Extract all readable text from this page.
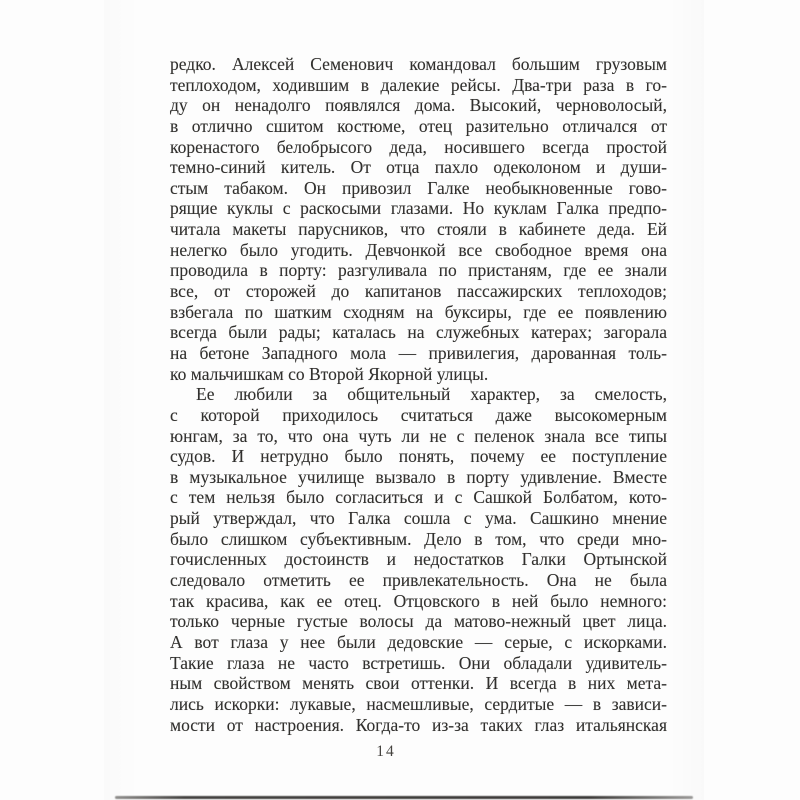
редко. Алексей Семенович командовал большим грузовым
теплоходом, ходившим в далекие рейсы. Два-три раза в го-
ду он ненадолго появлялся дома. Высокий, черноволосый,
в отлично сшитом костюме, отец разительно отличался от
коренастого белобрысого деда, носившего всегда простой
темно-синий китель. От отца пахло одеколоном и души-
стым табаком. Он привозил Галке необыкновенные гово-
рящие куклы с раскосыми глазами. Но куклам Галка предпо-
читала макеты парусников, что стояли в кабинете деда. Ей
нелегко было угодить. Девчонкой все свободное время она
проводила в порту: разгуливала по пристаням, где ее знали
все, от сторожей до капитанов пассажирских теплоходов;
взбегала по шатким сходням на буксиры, где ее появлению
всегда были рады; каталась на служебных катерах; загорала
на бетоне Западного мола — привилегия, дарованная толь-
ко мальчишкам со Второй Якорной улицы.
Ее любили за общительный характер, за смелость,
с которой приходилось считаться даже высокомерным
юнгам, за то, что она чуть ли не с пеленок знала все типы
судов. И нетрудно было понять, почему ее поступление
в музыкальное училище вызвало в порту удивление. Вместе
с тем нельзя было согласиться и с Сашкой Болбатом, кото-
рый утверждал, что Галка сошла с ума. Сашкино мнение
было слишком субъективным. Дело в том, что среди мно-
гочисленных достоинств и недостатков Галки Ортынской
следовало отметить ее привлекательность. Она не была
так красива, как ее отец. Отцовского в ней было немного:
только черные густые волосы да матово-нежный цвет лица.
А вот глаза у нее были дедовские — серые, с искорками.
Такие глаза не часто встретишь. Они обладали удивитель-
ным свойством менять свои оттенки. И всегда в них мета-
лись искорки: лукавые, насмешливые, сердитые — в зависи-
мости от настроения. Когда-то из-за таких глаз итальянская
14
